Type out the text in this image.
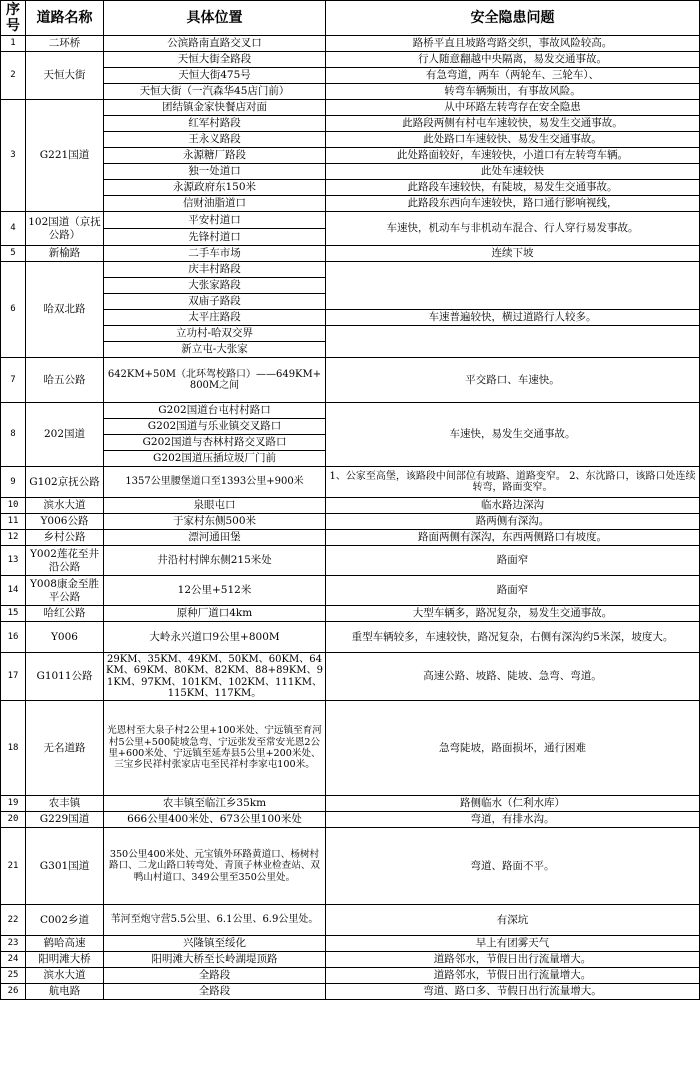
序号	道路名称	具体位置	安全隐患问题
1	二环桥	公滨路南直路交叉口	路桥平直且坡路弯路交织，事故风险较高。
2	天恒大街	天恒大街全路段	行人随意翻越中央隔离，易发交通事故。
		天恒大街475号	有急弯道，两车（两轮车、三轮车）、
		天恒大街（一汽森华45店门前）	转弯车辆频出，有事故风险。
3	G221国道	团结镇金家快餐店对面	从中环路左转弯存在安全隐患
		红军村路段	此路段两侧有村屯车速较快，易发生交通事故。
		王永义路段	此处路口车速较快、易发生交通事故。
		永源糖厂路段	此处路面较好，车速较快，小道口有左转弯车辆。
		独一处道口	此处车速较快
		永源政府东150米	此路段车速较快，有陡坡，易发生交通事故。
		信财油脂道口	此路段东西向车速较快，路口通行影响视线，
4	102国道（京抚公路）	平安村道口	车速快，机动车与非机动车混合、行人穿行易发事故。
		先锋村道口	
5	新榆路	二手车市场	连续下坡
6	哈双北路	庆丰村路段	
		大张家路段	
		双庙子路段	
		太平庄路段	车速普遍较快，横过道路行人较多。
		立功村-哈双交界	
		新立屯-大张家	
7	哈五公路	642KM+50M（北环驾校路口）——649KM+800M之间	平交路口、车速快。
8	202国道	G202国道台屯村村路口	车速快，易发生交通事故。
		G202国道与乐业镇交叉路口	
		G202国道与杏林村路交叉路口	
		G202国道压插垃圾厂门前	
9	G102京抚公路	1357公里腰堡道口至1393公里+900米	1、公家至高堡，该路段中间部位有坡路、道路变窄。 2、东沈路口，该路口处连续转弯，路面变窄。
10	滨水大道	泉眼屯口	临水路边深沟
11	Y006公路	于家村东侧500米	路两侧有深沟。
12	乡村公路	漂河通田堡	路面两侧有深沟，东西两侧路口有坡度。
13	Y002莲花至井沿公路	井沿村村牌东侧215米处	路面窄
14	Y008康金至胜平公路	12公里+512米	路面窄
15	哈红公路	原种厂道口4km	大型车辆多，路况复杂，易发生交通事故。
16	Y006	大岭永兴道口9公里+800M	重型车辆较多，车速较快，路况复杂，右侧有深沟约5米深，坡度大。
17	G1011公路	29KM、35KM、49KM、50KM、60KM、64KM、69KM、80KM、82KM、88+89KM、91KM、97KM、101KM、102KM、111KM、115KM、117KM。	高速公路、坡路、陡坡、急弯、弯道。
18	无名道路	光恩村至大泉子村2公里+100米处、宁远镇至育河村5公里+500陡坡急弯、宁远张发至常安光恩2公里+600米处、宁远镇至延寿县5公里+200米处、三宝乡民祥村张家店屯至民祥村李家屯100米。	急弯陡坡，路面损坏，通行困难
19	农丰镇	农丰镇至临江乡35km	路侧临水（仁利水库）
20	G229国道	666公里400米处、673公里100米处	弯道，有排水沟。
21	G301国道	350公里400米处、元宝镇外环路黄道口、杨树村路口、二龙山路口转弯处、青顶子林业检查站、双鸭山村道口、349公里至350公里处。	弯道、路面不平。
22	C002乡道	苇河至炮守营5.5公里、6.1公里、6.9公里处。	有深坑
23	鹤哈高速	兴隆镇至绥化	早上有团雾天气
24	阳明滩大桥	阳明滩大桥至长岭湖堤顶路	道路邻水，节假日出行流量增大。
25	滨水大道	全路段	道路邻水，节假日出行流量增大。
26	航电路	全路段	弯道、路口多、节假日出行流量增大。
